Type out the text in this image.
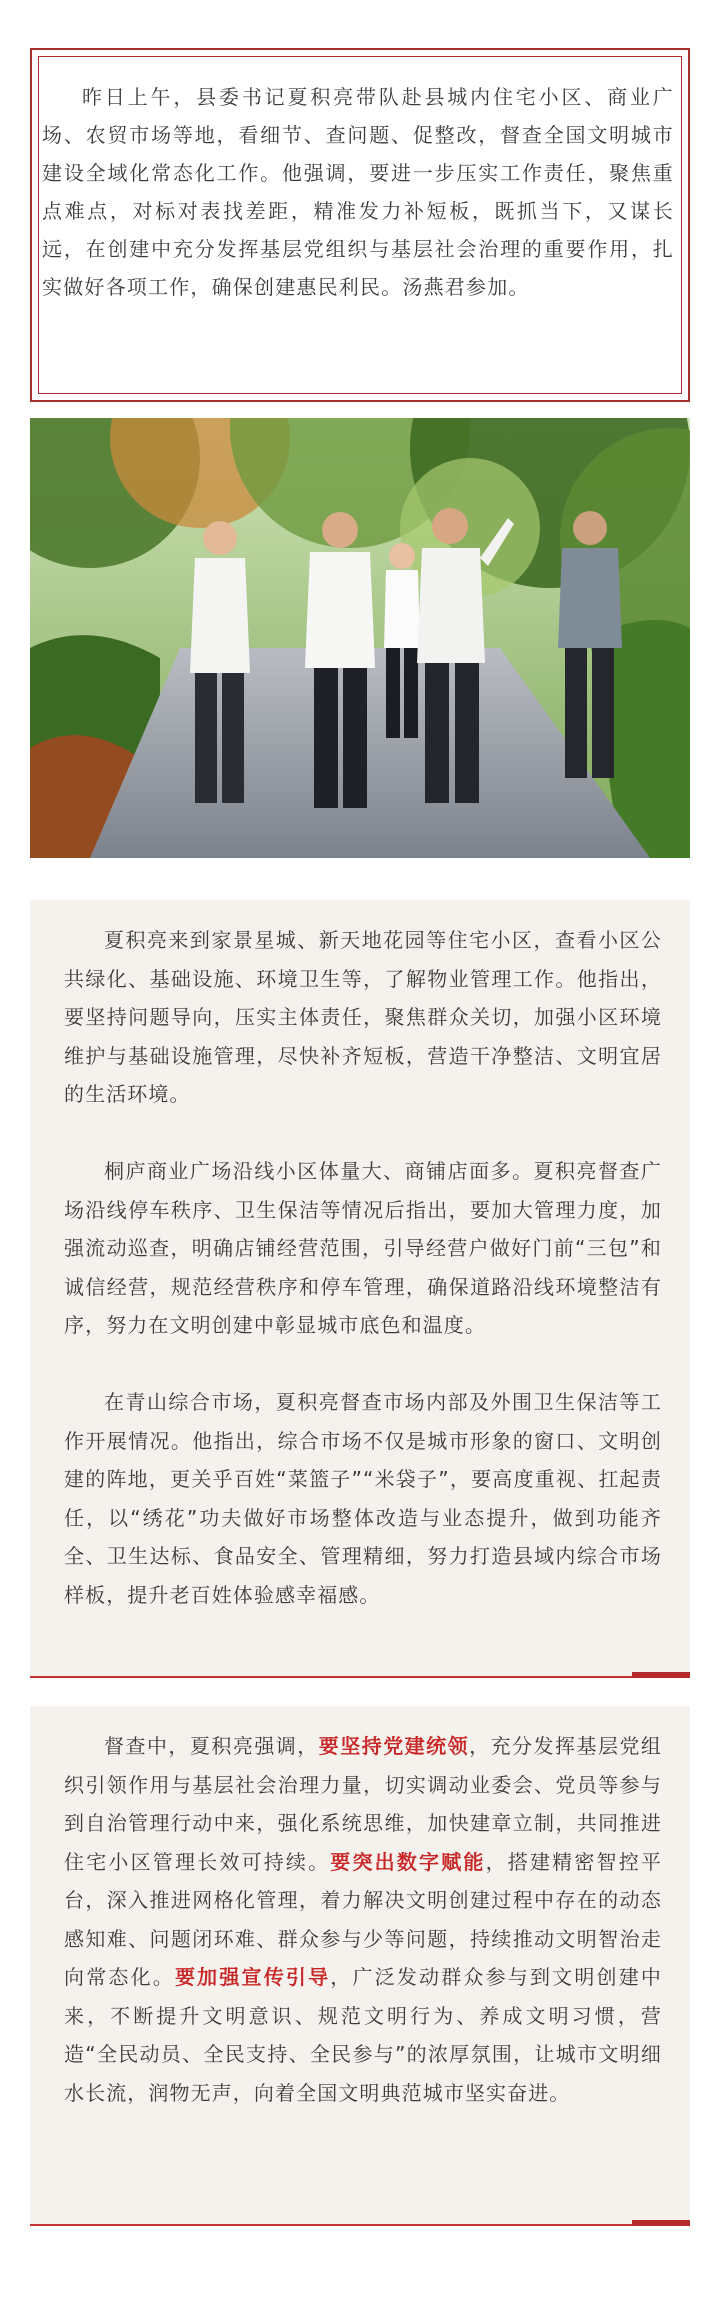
昨日上午，县委书记夏积亮带队赴县城内住宅小区、商业广场、农贸市场等地，看细节、查问题、促整改，督查全国文明城市建设全域化常态化工作。他强调，要进一步压实工作责任，聚焦重点难点，对标对表找差距，精准发力补短板，既抓当下，又谋长远，在创建中充分发挥基层党组织与基层社会治理的重要作用，扎实做好各项工作，确保创建惠民利民。汤燕君参加。

夏积亮来到家景星城、新天地花园等住宅小区，查看小区公共绿化、基础设施、环境卫生等，了解物业管理工作。他指出，要坚持问题导向，压实主体责任，聚焦群众关切，加强小区环境维护与基础设施管理，尽快补齐短板，营造干净整洁、文明宜居的生活环境。

桐庐商业广场沿线小区体量大、商铺店面多。夏积亮督查广场沿线停车秩序、卫生保洁等情况后指出，要加大管理力度，加强流动巡查，明确店铺经营范围，引导经营户做好门前“三包”和诚信经营，规范经营秩序和停车管理，确保道路沿线环境整洁有序，努力在文明创建中彰显城市底色和温度。

在青山综合市场，夏积亮督查市场内部及外围卫生保洁等工作开展情况。他指出，综合市场不仅是城市形象的窗口、文明创建的阵地，更关乎百姓“菜篮子”“米袋子”，要高度重视、扛起责任，以“绣花”功夫做好市场整体改造与业态提升，做到功能齐全、卫生达标、食品安全、管理精细，努力打造县域内综合市场样板，提升老百姓体验感幸福感。

督查中，夏积亮强调，要坚持党建统领，充分发挥基层党组织引领作用与基层社会治理力量，切实调动业委会、党员等参与到自治管理行动中来，强化系统思维，加快建章立制，共同推进住宅小区管理长效可持续。要突出数字赋能，搭建精密智控平台，深入推进网格化管理，着力解决文明创建过程中存在的动态感知难、问题闭环难、群众参与少等问题，持续推动文明智治走向常态化。要加强宣传引导，广泛发动群众参与到文明创建中来，不断提升文明意识、规范文明行为、养成文明习惯，营造“全民动员、全民支持、全民参与”的浓厚氛围，让城市文明细水长流，润物无声，向着全国文明典范城市坚实奋进。
